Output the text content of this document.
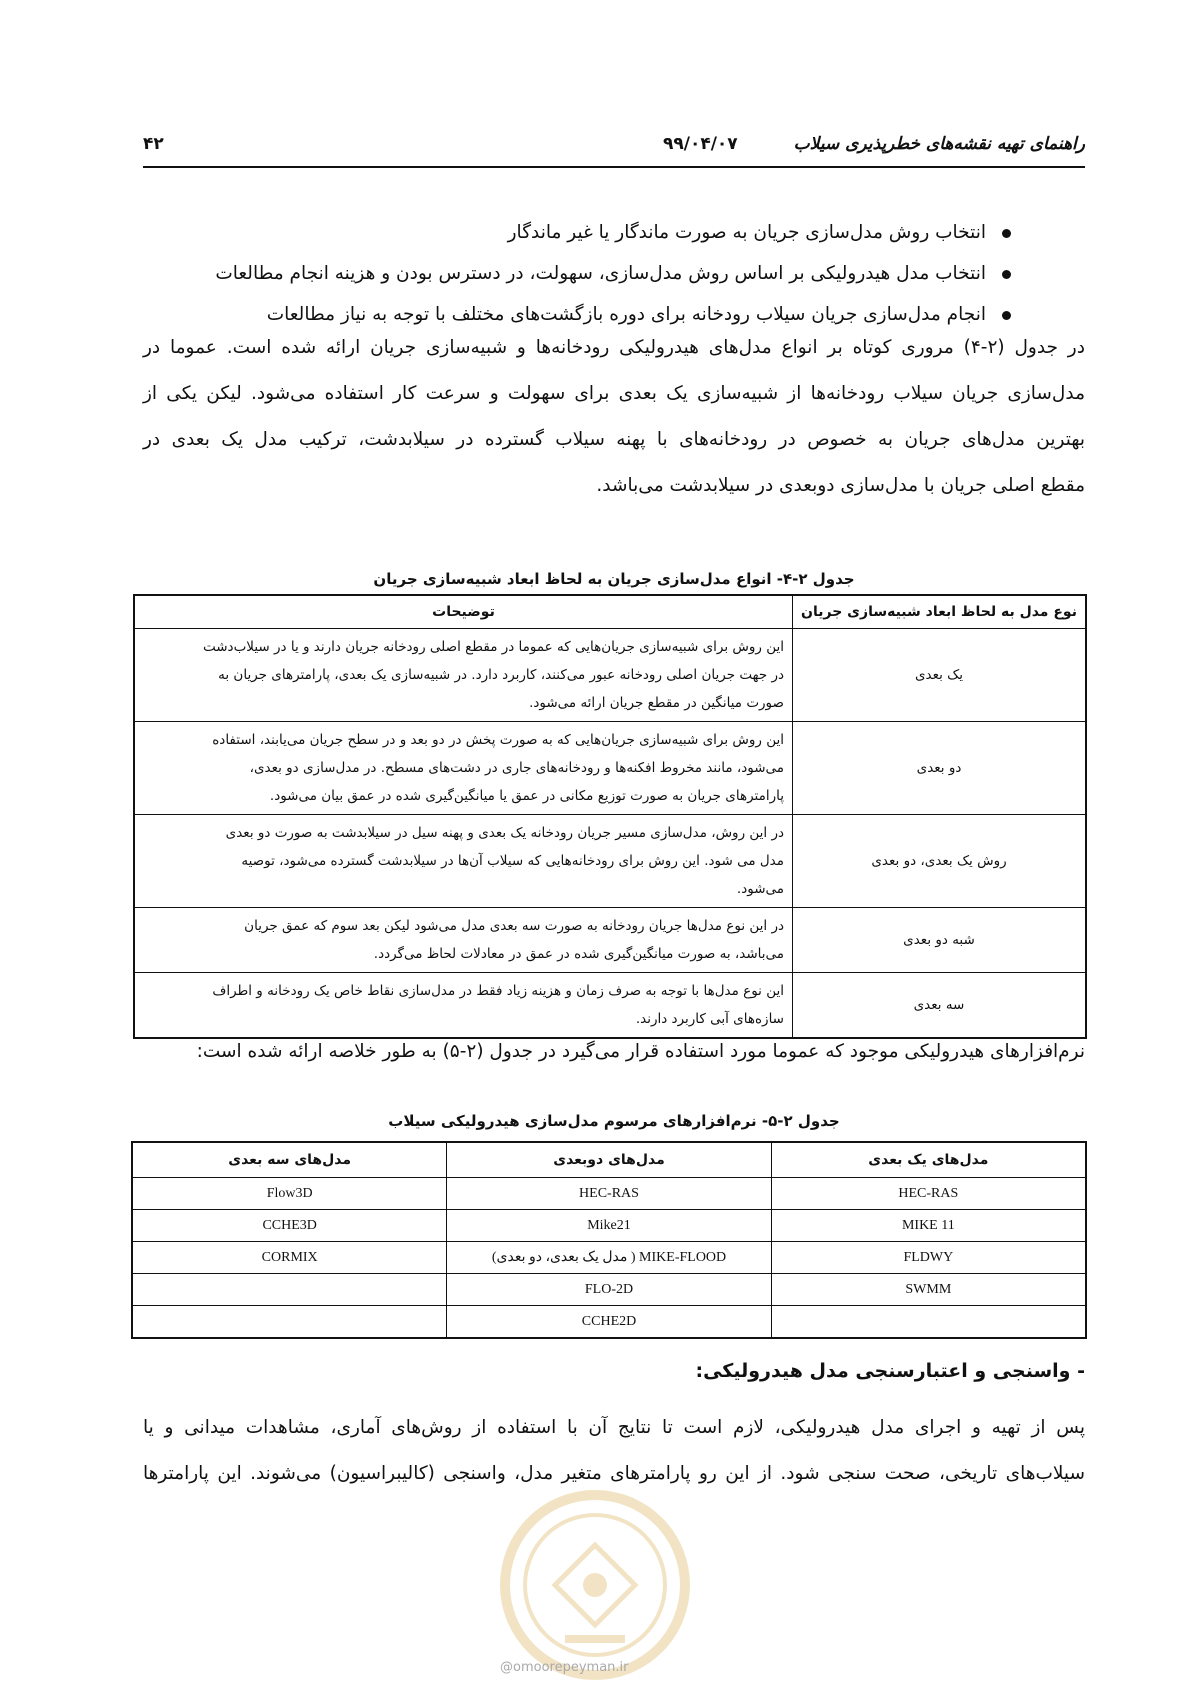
۴۲	۹۹/۰۴/۰۷	راهنمای تهیه نقشه‌های خطرپذیری سیلاب
انتخاب روش مدل‌سازی جریان به صورت ماندگار یا غیر ماندگار
انتخاب مدل هیدرولیکی بر اساس روش مدل‌سازی، سهولت، در دسترس بودن و هزینه انجام مطالعات
انجام مدل‌سازی جریان سیلاب رودخانه برای دوره بازگشت‌های مختلف با توجه به نیاز مطالعات
در جدول (۲-۴) مروری کوتاه بر انواع مدل‌های هیدرولیکی رودخانه‌ها و شبیه‌سازی جریان ارائه شده است. عموما در
مدل‌سازی جریان سیلاب رودخانه‌ها از شبیه‌سازی یک بعدی برای سهولت و سرعت کار استفاده می‌شود. لیکن یکی از
بهترین مدل‌های جریان به خصوص در رودخانه‌های با پهنه سیلاب گسترده در سیلابدشت، ترکیب مدل یک بعدی در
مقطع اصلی جریان با مدل‌سازی دوبعدی در سیلابدشت می‌باشد.
جدول ۲-۴- انواع مدل‌سازی جریان به لحاظ ابعاد شبیه‌سازی جریان
نوع مدل به لحاظ ابعاد شبیه‌سازی جریان	توضیحات
یک بعدی	این روش برای شبیه‌سازی جریان‌هایی که عموما در مقطع اصلی رودخانه جریان دارند و یا در سیلاب‌دشت
در جهت جریان اصلی رودخانه عبور می‌کنند، کاربرد دارد. در شبیه‌سازی یک بعدی، پارامترهای جریان به
صورت میانگین در مقطع جریان ارائه می‌شود.

دو بعدی	این روش برای شبیه‌سازی جریان‌هایی که به صورت پخش در دو بعد و در سطح جریان می‌یابند، استفاده
می‌شود، مانند مخروط افکنه‌ها و رودخانه‌های جاری در دشت‌های مسطح. در مدل‌سازی دو بعدی،
پارامترهای جریان به صورت توزیع مکانی در عمق یا میانگین‌گیری شده در عمق بیان می‌شود.

روش یک بعدی، دو بعدی	در این روش، مدل‌سازی مسیر جریان رودخانه یک بعدی و پهنه سیل در سیلابدشت به صورت دو بعدی
مدل می شود. این روش برای رودخانه‌هایی که سیلاب آن‌ها در سیلابدشت گسترده می‌شود، توصیه
می‌شود.

شبه دو بعدی	در این نوع مدل‌ها جریان رودخانه به صورت سه بعدی مدل می‌شود لیکن بعد سوم که عمق جریان
می‌باشد، به صورت میانگین‌گیری شده در عمق در معادلات لحاظ می‌گردد.

سه بعدی	این نوع مدل‌ها با توجه به صرف زمان و هزینه زیاد فقط در مدل‌سازی نقاط خاص یک رودخانه و اطراف
سازه‌های آبی کاربرد دارند.
نرم‌افزارهای هیدرولیکی موجود که عموما مورد استفاده قرار می‌گیرد در جدول (۲-۵) به طور خلاصه ارائه شده است:
جدول ۲-۵- نرم‌افزارهای مرسوم مدل‌سازی هیدرولیکی سیلاب
مدل‌های یک بعدی	مدل‌های دوبعدی	مدل‌های سه بعدی
HEC-RAS	HEC-RAS	Flow3D
MIKE 11	Mike21	CCHE3D
FLDWY	MIKE-FLOOD ( مدل یک بعدی، دو بعدی)	CORMIX
SWMM	FLO-2D	
	CCHE2D	
- واسنجی و اعتبارسنجی مدل هیدرولیکی:
پس از تهیه و اجرای مدل هیدرولیکی، لازم است تا نتایج آن با استفاده از روش‌های آماری، مشاهدات میدانی و یا
سیلاب‌های تاریخی، صحت سنجی شود. از این رو پارامترهای متغیر مدل، واسنجی (کالیبراسیون) می‌شوند. این پارامترها
@omoorepeyman.ir
